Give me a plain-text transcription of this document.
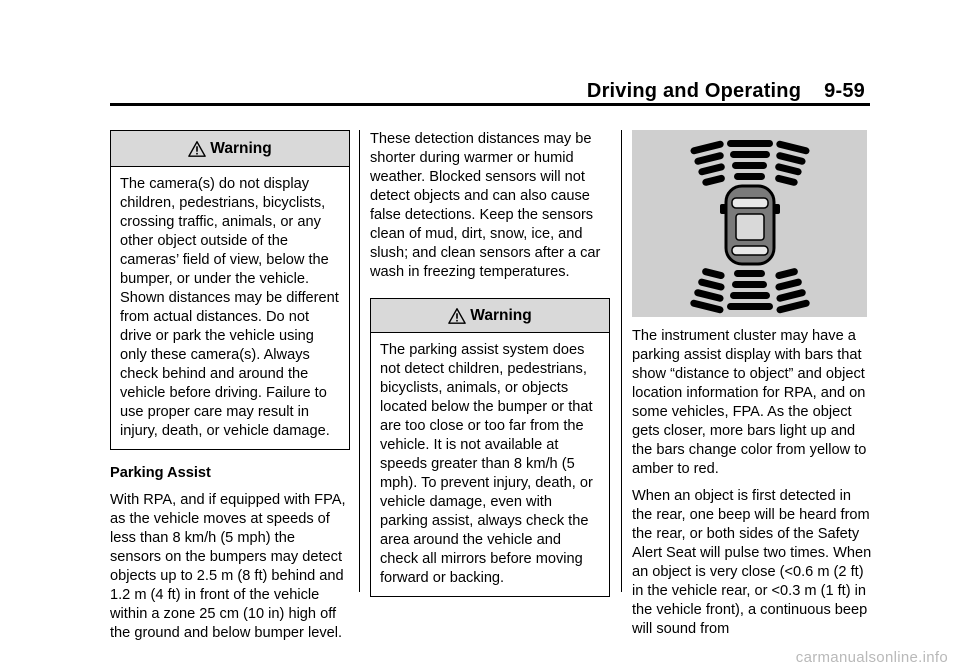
Driving and Operating    9-59
Warning
The camera(s) do not display children, pedestrians, bicyclists, crossing traffic, animals, or any other object outside of the cameras’ field of view, below the bumper, or under the vehicle. Shown distances may be different from actual distances. Do not drive or park the vehicle using only these camera(s). Always check behind and around the vehicle before driving. Failure to use proper care may result in injury, death, or vehicle damage.
Parking Assist

With RPA, and if equipped with FPA, as the vehicle moves at speeds of less than 8 km/h (5 mph) the sensors on the bumpers may detect objects up to 2.5 m (8 ft) behind and 1.2 m (4 ft) in front of the vehicle within a zone 25 cm (10 in) high off the ground and below bumper level.

These detection distances may be shorter during warmer or humid weather. Blocked sensors will not detect objects and can also cause false detections. Keep the sensors clean of mud, dirt, snow, ice, and slush; and clean sensors after a car wash in freezing temperatures.

Warning
The parking assist system does not detect children, pedestrians, bicyclists, animals, or objects located below the bumper or that are too close or too far from the vehicle. It is not available at speeds greater than 8 km/h (5 mph). To prevent injury, death, or vehicle damage, even with parking assist, always check the area around the vehicle and check all mirrors before moving forward or backing.

The instrument cluster may have a parking assist display with bars that show “distance to object” and object location information for RPA, and on some vehicles, FPA. As the object gets closer, more bars light up and the bars change color from yellow to amber to red.

When an object is first detected in the rear, one beep will be heard from the rear, or both sides of the Safety Alert Seat will pulse two times. When an object is very close (<0.6 m (2 ft) in the vehicle rear, or <0.3 m (1 ft) in the vehicle front), a continuous beep will sound from

carmanualsonline.info
